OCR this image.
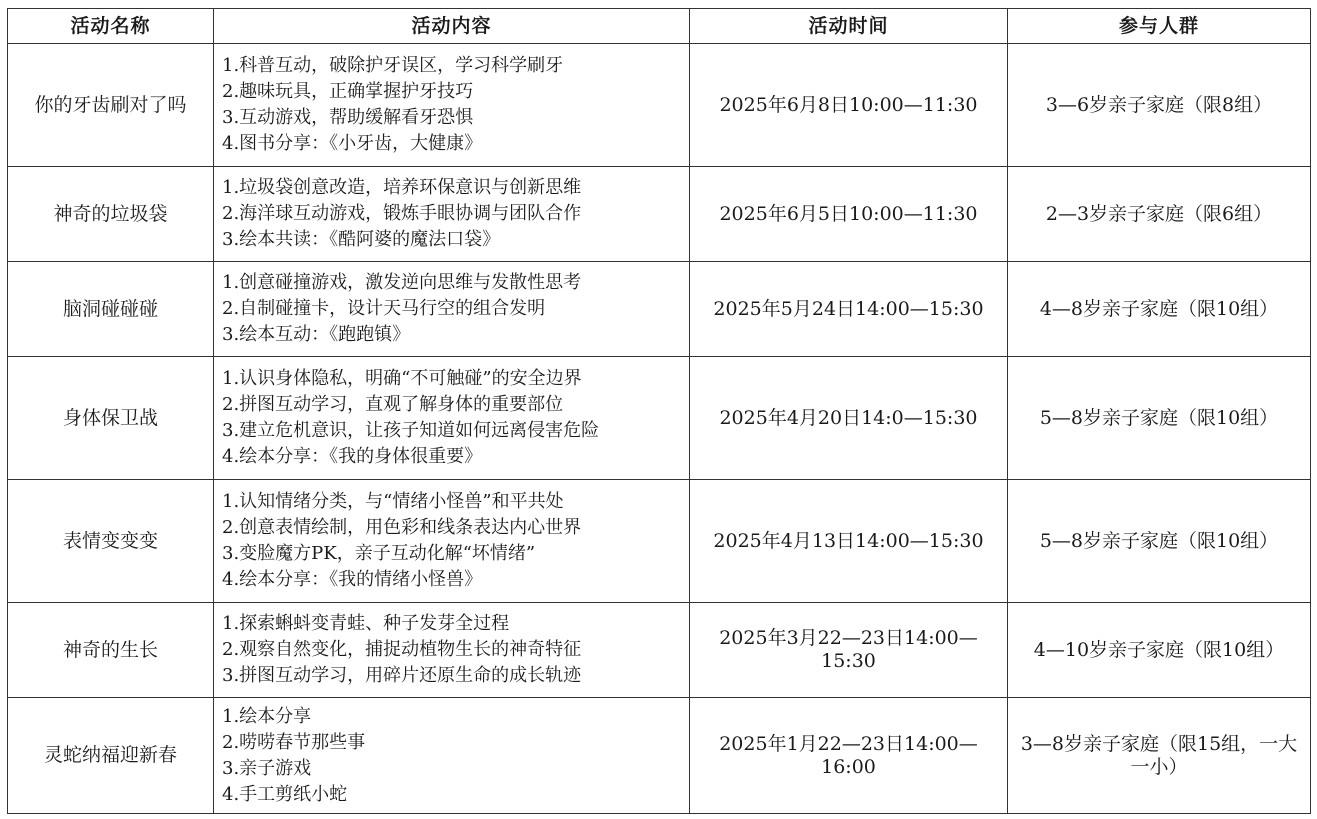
活动名称	活动内容	活动时间	参与人群
你的牙齿刷对了吗	1.科普互动，破除护牙误区，学习科学刷牙
2.趣味玩具，正确掌握护牙技巧
3.互动游戏，帮助缓解看牙恐惧
4.图书分享：《小牙齿，大健康》	2025年6月8日10:00—11:30	3—6岁亲子家庭（限8组）
神奇的垃圾袋	1.垃圾袋创意改造，培养环保意识与创新思维
2.海洋球互动游戏，锻炼手眼协调与团队合作
3.绘本共读：《酷阿婆的魔法口袋》	2025年6月5日10:00—11:30	2—3岁亲子家庭（限6组）
脑洞碰碰碰	1.创意碰撞游戏，激发逆向思维与发散性思考
2.自制碰撞卡，设计天马行空的组合发明
3.绘本互动：《跑跑镇》	2025年5月24日14:00—15:30	4—8岁亲子家庭（限10组）
身体保卫战	1.认识身体隐私，明确“不可触碰”的安全边界
2.拼图互动学习，直观了解身体的重要部位
3.建立危机意识，让孩子知道如何远离侵害危险
4.绘本分享：《我的身体很重要》	2025年4月20日14:0—15:30	5—8岁亲子家庭（限10组）
表情变变变	1.认知情绪分类，与“情绪小怪兽”和平共处
2.创意表情绘制，用色彩和线条表达内心世界
3.变脸魔方PK，亲子互动化解“坏情绪”
4.绘本分享：《我的情绪小怪兽》	2025年4月13日14:00—15:30	5—8岁亲子家庭（限10组）
神奇的生长	1.探索蝌蚪变青蛙、种子发芽全过程
2.观察自然变化，捕捉动植物生长的神奇特征
3.拼图互动学习，用碎片还原生命的成长轨迹	2025年3月22—23日14:00—15:30	4—10岁亲子家庭（限10组）
灵蛇纳福迎新春	1.绘本分享
2.唠唠春节那些事
3.亲子游戏
4.手工剪纸小蛇	2025年1月22—23日14:00—16:00	3—8岁亲子家庭（限15组，一大一小）
